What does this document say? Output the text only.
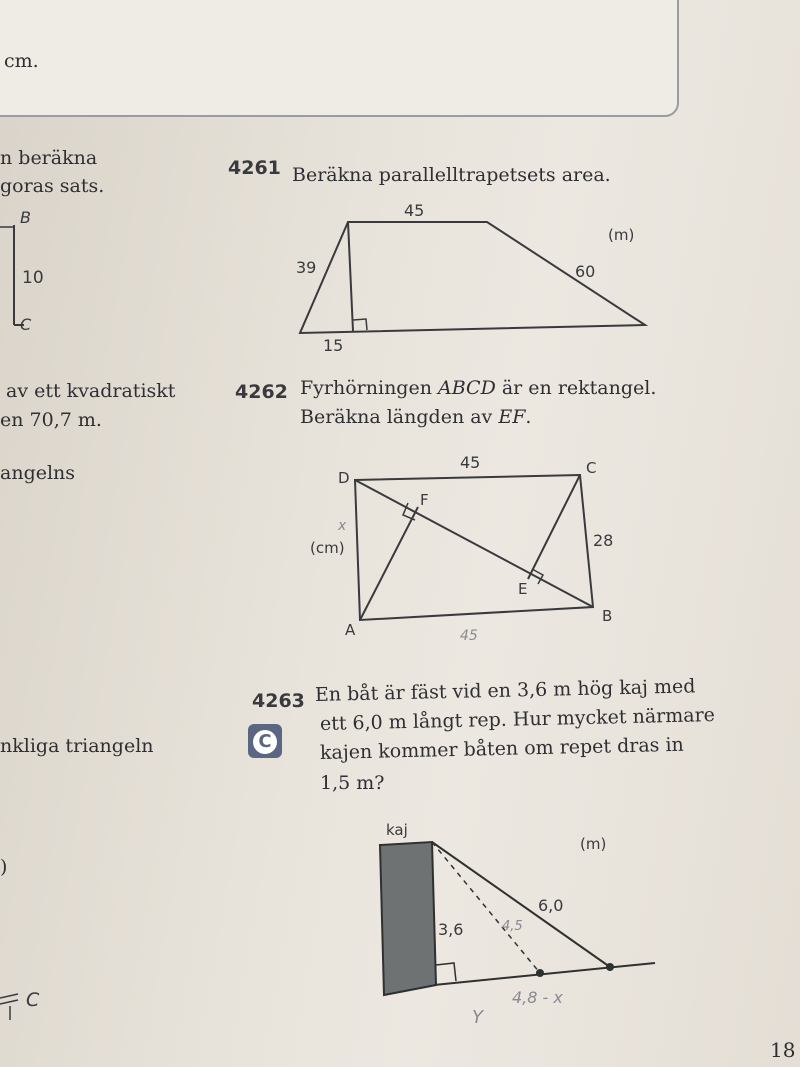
cm.
n beräkna
goras sats.
B
10
C
av ett kvadratiskt
en 70,7 m.
angelns
nkliga triangeln
)
C
4261 Beräkna parallelltrapetsets area.
45
39	60
15
(m)
4262 Fyrhörningen ABCD är en rektangel.
Beräkna längden av EF.
D
C
A
B
F
E
45
28
(cm)
45
x
4263
C
En båt är fäst vid en 3,6 m hög kaj med
ett 6,0 m långt rep. Hur mycket närmare
kajen kommer båten om repet dras in
1,5 m?
kaj
(m)
3,6
6,0
4,5
Y
4,8 - x
18
